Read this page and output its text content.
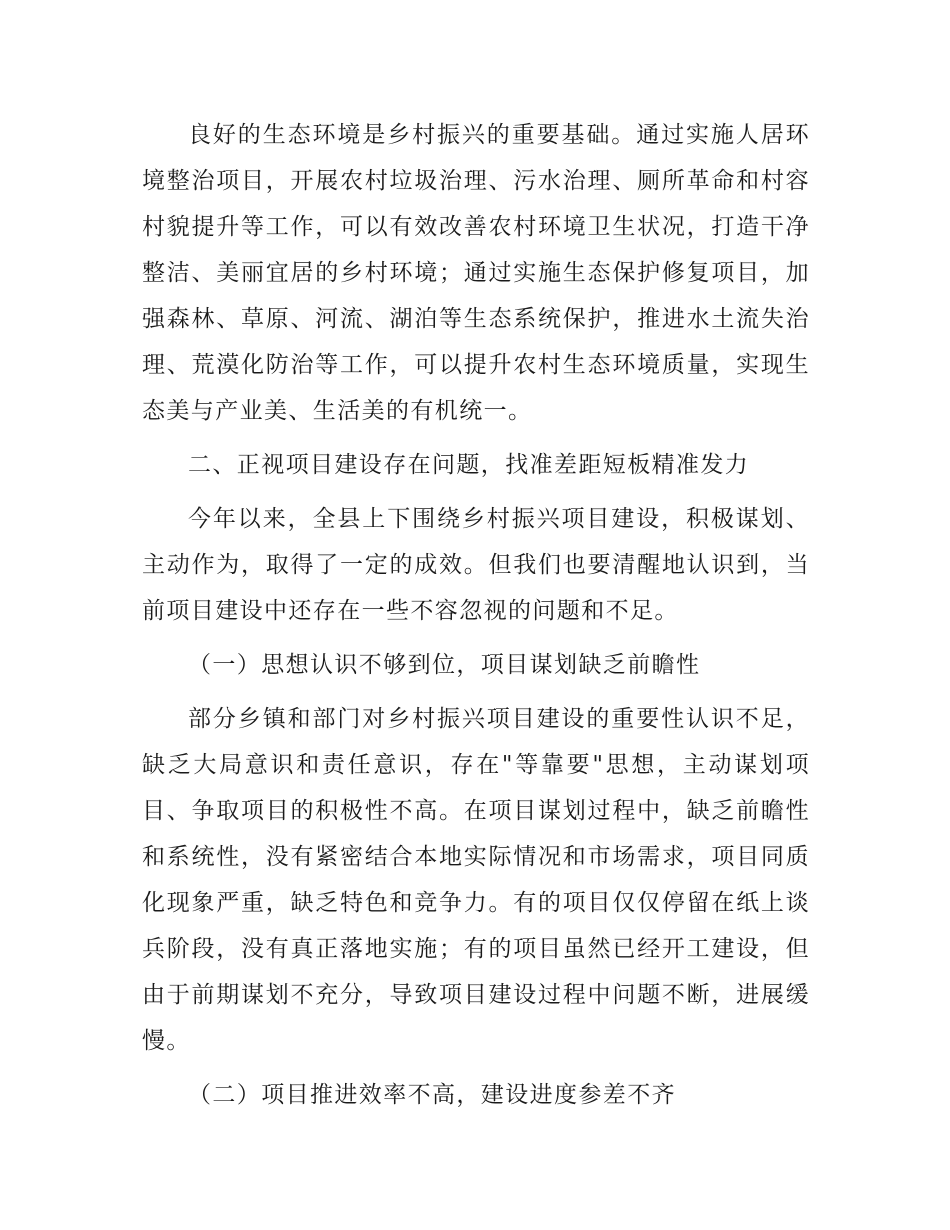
良好的生态环境是乡村振兴的重要基础。通过实施人居环境整治项目，开展农村垃圾治理、污水治理、厕所革命和村容村貌提升等工作，可以有效改善农村环境卫生状况，打造干净整洁、美丽宜居的乡村环境；通过实施生态保护修复项目，加强森林、草原、河流、湖泊等生态系统保护，推进水土流失治理、荒漠化防治等工作，可以提升农村生态环境质量，实现生态美与产业美、生活美的有机统一。

二、正视项目建设存在问题，找准差距短板精准发力

今年以来，全县上下围绕乡村振兴项目建设，积极谋划、主动作为，取得了一定的成效。但我们也要清醒地认识到，当前项目建设中还存在一些不容忽视的问题和不足。

（一）思想认识不够到位，项目谋划缺乏前瞻性

部分乡镇和部门对乡村振兴项目建设的重要性认识不足，缺乏大局意识和责任意识，存在"等靠要"思想，主动谋划项目、争取项目的积极性不高。在项目谋划过程中，缺乏前瞻性和系统性，没有紧密结合本地实际情况和市场需求，项目同质化现象严重，缺乏特色和竞争力。有的项目仅仅停留在纸上谈兵阶段，没有真正落地实施；有的项目虽然已经开工建设，但由于前期谋划不充分，导致项目建设过程中问题不断，进展缓慢。

（二）项目推进效率不高，建设进度参差不齐
